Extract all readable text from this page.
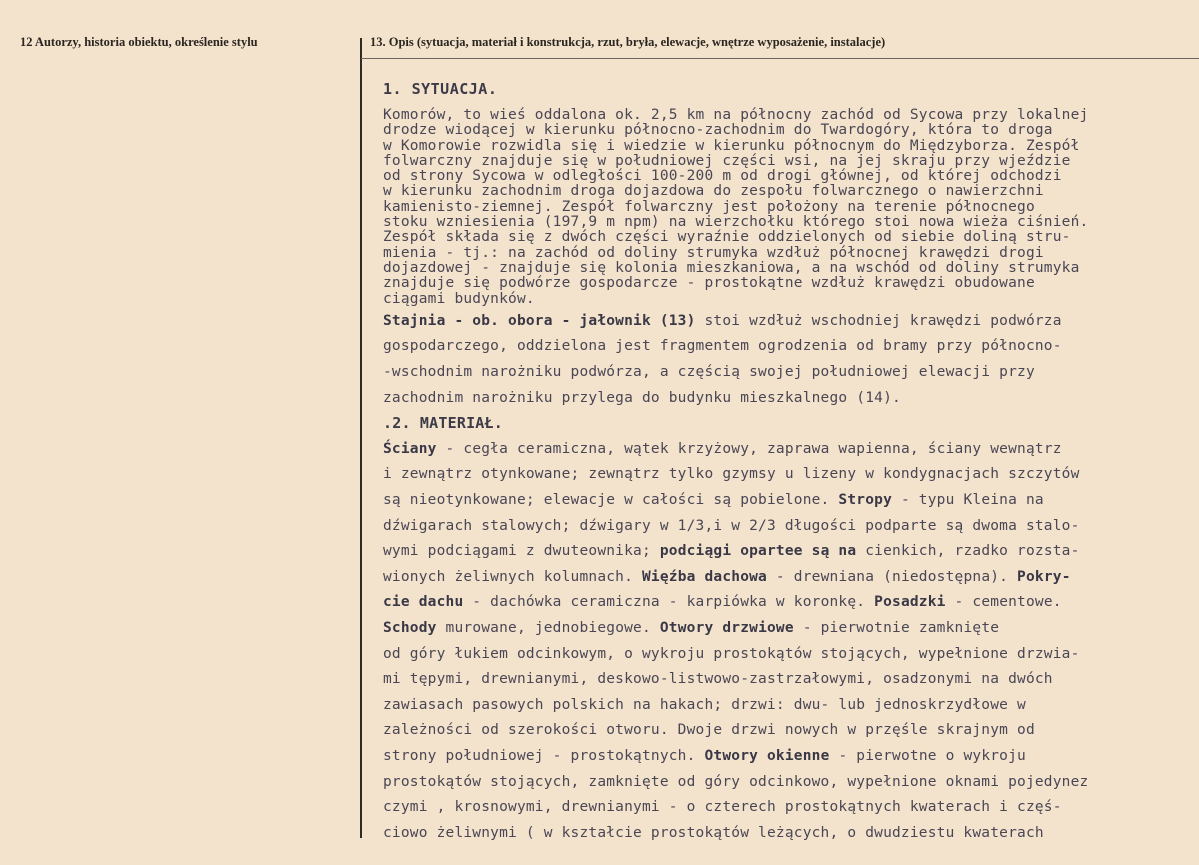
12 Autorzy, historia obiektu, określenie stylu	13. Opis (sytuacja, materiał i konstrukcja, rzut, bryła, elewacje, wnętrze wyposażenie, instalacje)
1. SYTUACJA.
Komorów, to wieś oddalona ok. 2,5 km na północny zachód od Sycowa przy lokalnej
drodze wiodącej w kierunku północno-zachodnim do Twardogóry, która to droga
w Komorowie rozwidla się i wiedzie w kierunku północnym do Międzyborza. Zespół
folwarczny znajduje się w południowej części wsi, na jej skraju przy wjeździe
od strony Sycowa w odległości 100-200 m od drogi głównej, od której odchodzi
w kierunku zachodnim droga dojazdowa do zespołu folwarcznego o nawierzchni
kamienisto-ziemnej. Zespół folwarczny jest położony na terenie północnego
stoku wzniesienia (197,9 m npm) na wierzchołku którego stoi nowa wieża ciśnień.
Zespół składa się z dwóch części wyraźnie oddzielonych od siebie doliną stru-
mienia - tj.: na zachód od doliny strumyka wzdłuż północnej krawędzi drogi
dojazdowej - znajduje się kolonia mieszkaniowa, a na wschód od doliny strumyka
znajduje się podwórze gospodarcze - prostokątne wzdłuż krawędzi obudowane
ciągami budynków.
Stajnia - ob. obora - jałownik (13) stoi wzdłuż wschodniej krawędzi podwórza
gospodarczego, oddzielona jest fragmentem ogrodzenia od bramy przy północno-
-wschodnim narożniku podwórza, a częścią swojej południowej elewacji przy
zachodnim narożniku przylega do budynku mieszkalnego (14).
.2. MATERIAŁ.
Ściany - cegła ceramiczna, wątek krzyżowy, zaprawa wapienna, ściany wewnątrz
i zewnątrz otynkowane; zewnątrz tylko gzymsy u lizeny w kondygnacjach szczytów
są nieotynkowane; elewacje w całości są pobielone. Stropy - typu Kleina na
dźwigarach stalowych; dźwigary w 1/3,i w 2/3 długości podparte są dwoma stalo-
wymi podciągami z dwuteownika; podciągi opartee są na cienkich, rzadko rozsta-
wionych żeliwnych kolumnach. Więźba dachowa - drewniana (niedostępna). Pokry-
cie dachu - dachówka ceramiczna - karpiówka w koronkę. Posadzki - cementowe.
Schody murowane, jednobiegowe. Otwory drzwiowe - pierwotnie zamknięte
od góry łukiem odcinkowym, o wykroju prostokątów stojących, wypełnione drzwia-
mi tępymi, drewnianymi, deskowo-listwowo-zastrzałowymi, osadzonymi na dwóch
zawiasach pasowych polskich na hakach; drzwi: dwu- lub jednoskrzydłowe w
zależności od szerokości otworu. Dwoje drzwi nowych w przęśle skrajnym od
strony południowej - prostokątnych. Otwory okienne - pierwotne o wykroju
prostokątów stojących, zamknięte od góry odcinkowo, wypełnione oknami pojedynez
czymi , krosnowymi, drewnianymi - o czterech prostokątnych kwaterach i częś-
ciowo żeliwnymi ( w kształcie prostokątów leżących, o dwudziestu kwaterach
